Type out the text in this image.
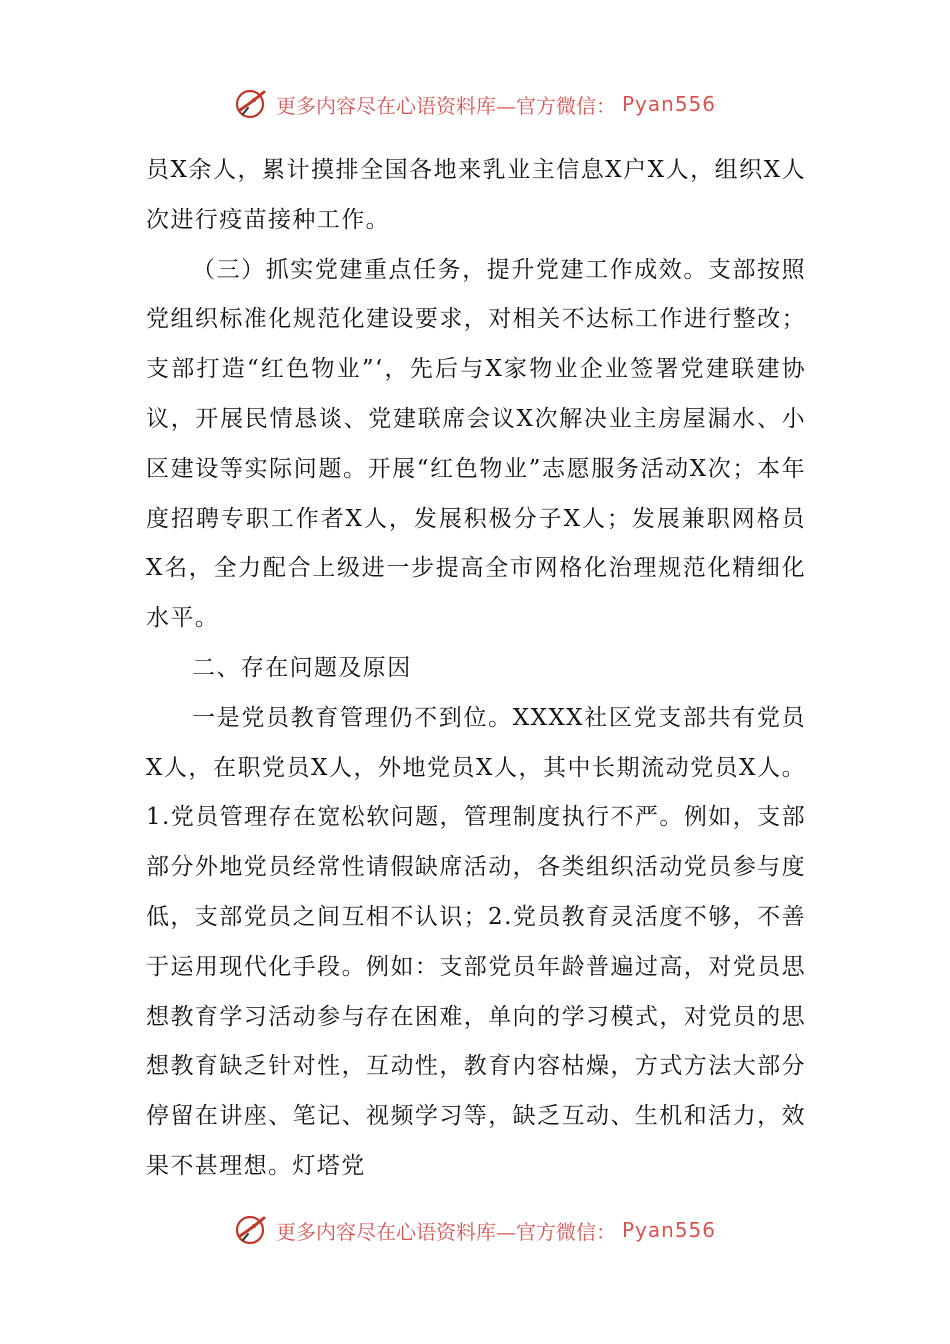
更多内容尽在心语资料库—官方微信： Pyan556

员X余人，累计摸排全国各地来乳业主信息X户X人，组织X人次进行疫苗接种工作。

（三）抓实党建重点任务，提升党建工作成效。支部按照党组织标准化规范化建设要求，对相关不达标工作进行整改；支部打造“红色物业”‘，先后与X家物业企业签署党建联建协议，开展民情恳谈、党建联席会议X次解决业主房屋漏水、小区建设等实际问题。开展“红色物业”志愿服务活动X次；本年度招聘专职工作者X人，发展积极分子X人；发展兼职网格员X名，全力配合上级进一步提高全市网格化治理规范化精细化水平。

二、存在问题及原因

一是党员教育管理仍不到位。XXXX社区党支部共有党员X人，在职党员X人，外地党员X人，其中长期流动党员X人。1.党员管理存在宽松软问题，管理制度执行不严。例如，支部部分外地党员经常性请假缺席活动，各类组织活动党员参与度低，支部党员之间互相不认识；2.党员教育灵活度不够，不善于运用现代化手段。例如：支部党员年龄普遍过高，对党员思想教育学习活动参与存在困难，单向的学习模式，对党员的思想教育缺乏针对性，互动性，教育内容枯燥，方式方法大部分停留在讲座、笔记、视频学习等，缺乏互动、生机和活力，效果不甚理想。灯塔党

更多内容尽在心语资料库—官方微信： Pyan556
